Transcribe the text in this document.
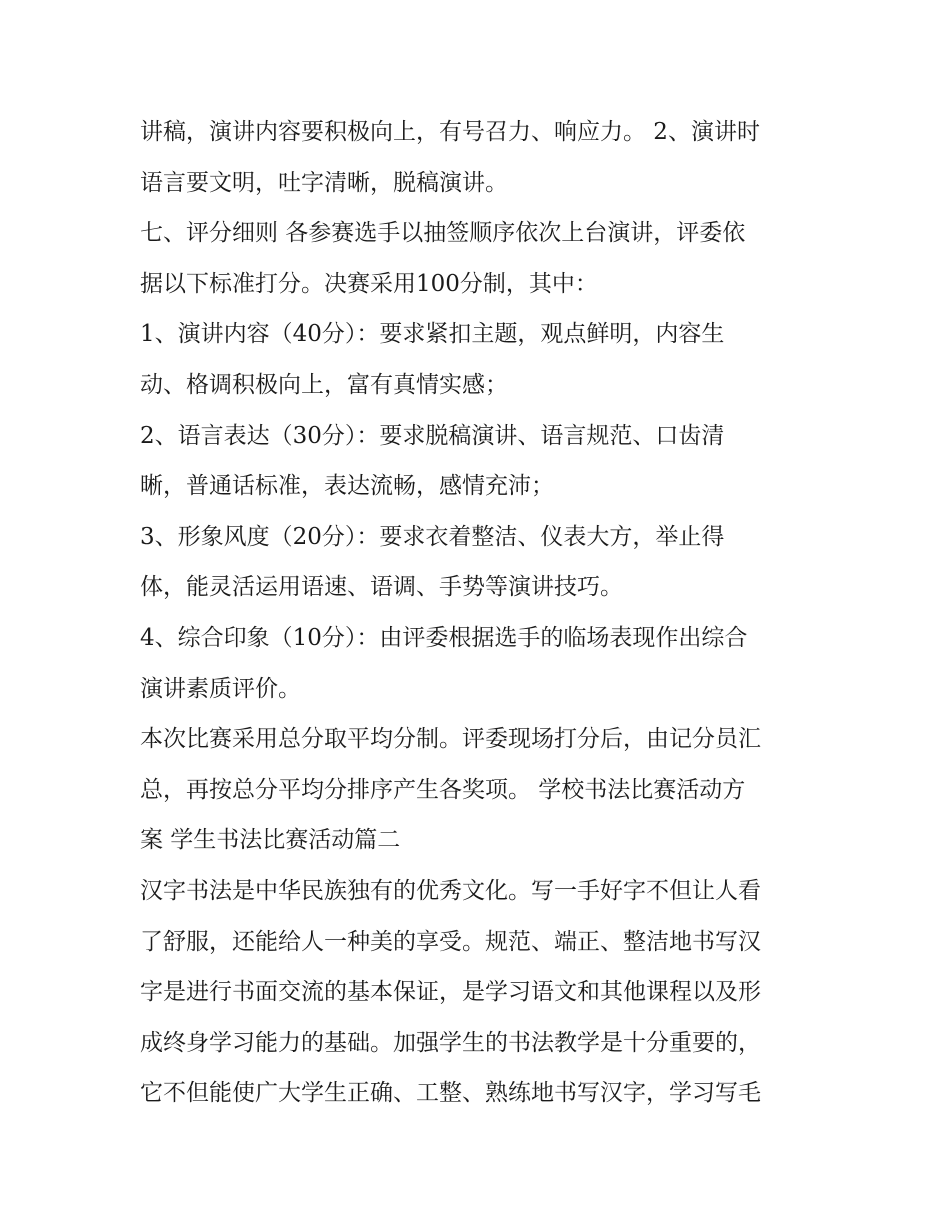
讲稿，演讲内容要积极向上，有号召力、响应力。 2、演讲时

语言要文明，吐字清晰，脱稿演讲。

七、评分细则 各参赛选手以抽签顺序依次上台演讲，评委依

据以下标准打分。决赛采用100分制，其中：

1、演讲内容（40分）：要求紧扣主题，观点鲜明，内容生

动、格调积极向上，富有真情实感；

2、语言表达（30分）：要求脱稿演讲、语言规范、口齿清

晰，普通话标准，表达流畅，感情充沛；

3、形象风度（20分）：要求衣着整洁、仪表大方，举止得

体，能灵活运用语速、语调、手势等演讲技巧。

4、综合印象（10分）：由评委根据选手的临场表现作出综合

演讲素质评价。

本次比赛采用总分取平均分制。评委现场打分后，由记分员汇

总，再按总分平均分排序产生各奖项。 学校书法比赛活动方

案 学生书法比赛活动篇二

汉字书法是中华民族独有的优秀文化。写一手好字不但让人看

了舒服，还能给人一种美的享受。规范、端正、整洁地书写汉

字是进行书面交流的基本保证，是学习语文和其他课程以及形

成终身学习能力的基础。加强学生的书法教学是十分重要的，

它不但能使广大学生正确、工整、熟练地书写汉字，学习写毛
